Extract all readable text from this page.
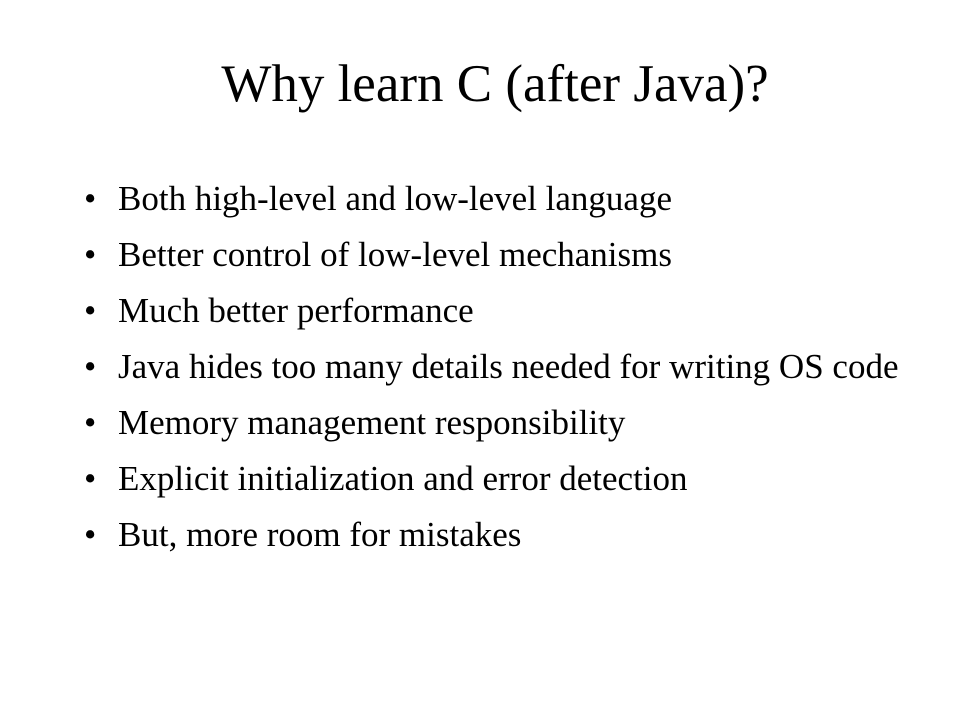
Why learn C (after Java)?
• Both high-level and low-level language
• Better control of low-level mechanisms
• Much better performance
• Java hides too many details needed for writing OS code
• Memory management responsibility
• Explicit initialization and error detection
• But, more room for mistakes
